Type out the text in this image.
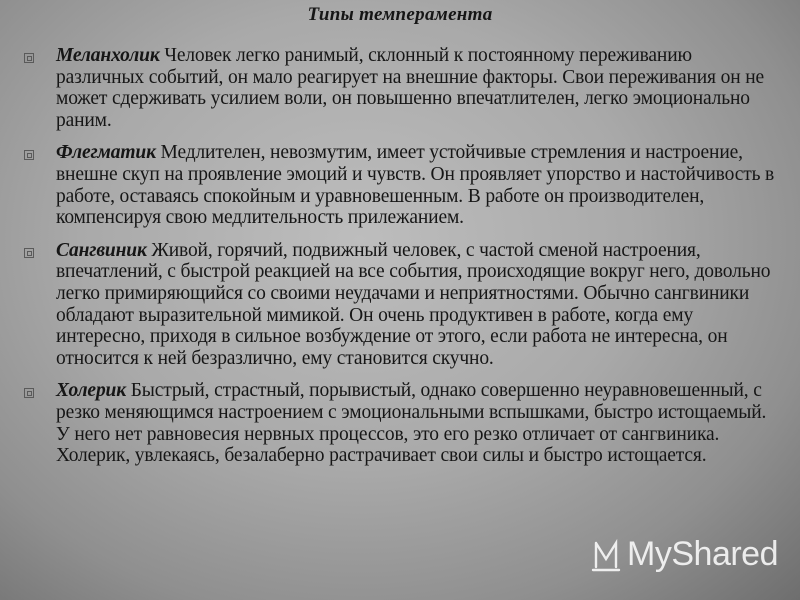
Типы темперамента
Меланхолик Человек легко ранимый, склонный к постоянному переживанию различных событий, он мало реагирует на внешние факторы. Свои переживания он не может сдерживать усилием воли, он повышенно впечатлителен, легко эмоционально раним.
Флегматик Медлителен, невозмутим, имеет устойчивые стремления и настроение, внешне скуп на проявление эмоций и чувств. Он проявляет упорство и настойчивость в работе, оставаясь спокойным и уравновешенным. В работе он производителен, компенсируя свою медлительность прилежанием.
Сангвиник Живой, горячий, подвижный человек, с частой сменой настроения, впечатлений, с быстрой реакцией на все события, происходящие вокруг него, довольно легко примиряющийся со своими неудачами и неприятностями. Обычно сангвиники обладают выразительной мимикой. Он очень продуктивен в работе, когда ему интересно, приходя в сильное возбуждение от этого, если работа не интересна, он относится к ней безразлично, ему становится скучно.
Холерик Быстрый, страстный, порывистый, однако совершенно неуравновешенный, с резко меняющимся настроением с эмоциональными вспышками, быстро истощаемый. У него нет равновесия нервных процессов, это его резко отличает от сангвиника. Холерик, увлекаясь, безалаберно растрачивает свои силы и быстро истощается.
MyShared
